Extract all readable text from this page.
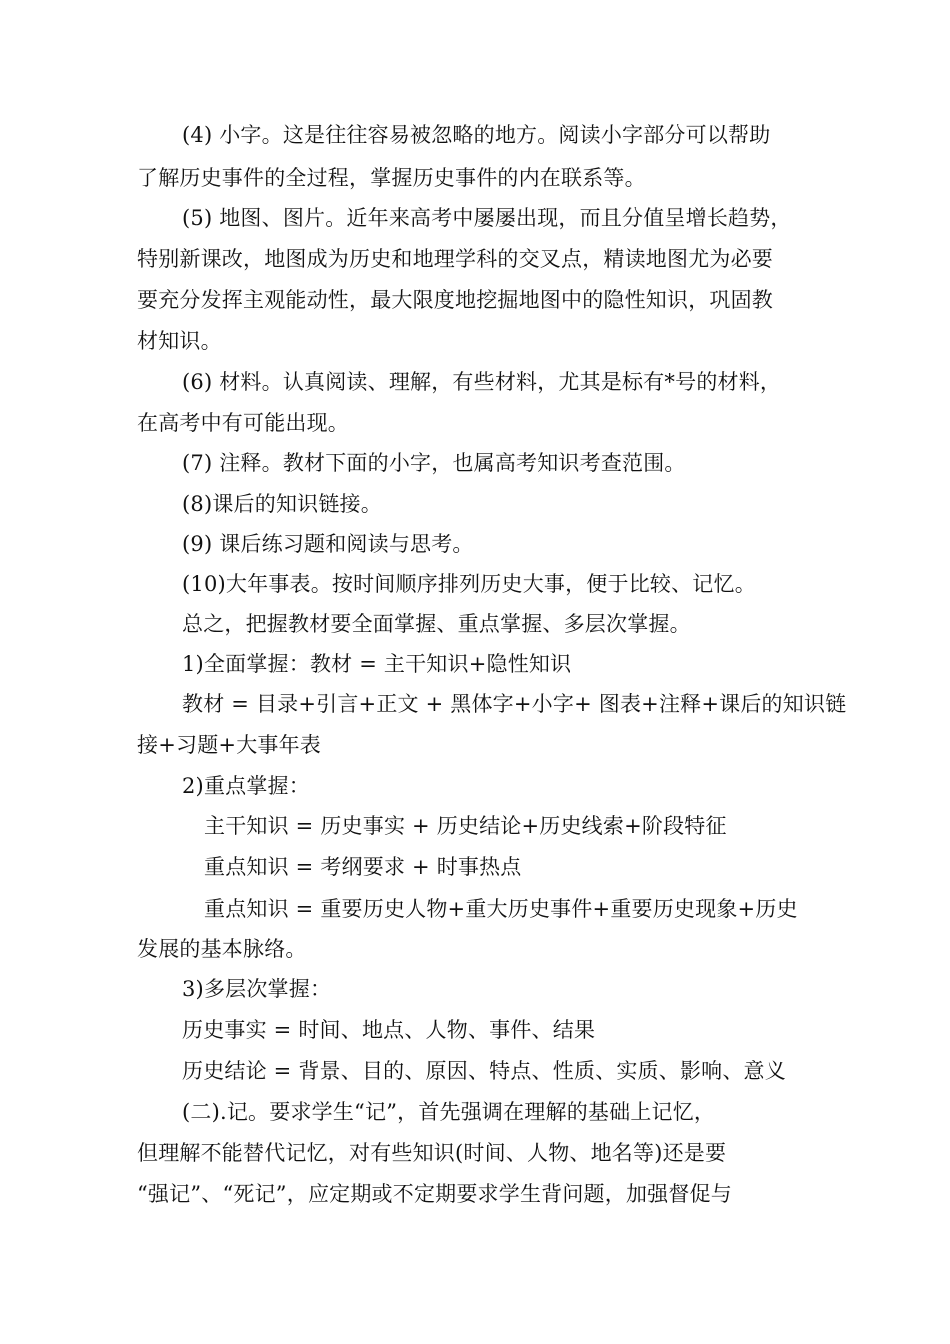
(4) 小字。这是往往容易被忽略的地方。阅读小字部分可以帮助
了解历史事件的全过程，掌握历史事件的内在联系等。
(5) 地图、图片。近年来高考中屡屡出现，而且分值呈增长趋势，
特别新课改，地图成为历史和地理学科的交叉点，精读地图尤为必要
要充分发挥主观能动性，最大限度地挖掘地图中的隐性知识，巩固教
材知识。
(6) 材料。认真阅读、理解，有些材料，尤其是标有*号的材料，
在高考中有可能出现。
(7) 注释。教材下面的小字，也属高考知识考查范围。
(8)课后的知识链接。
(9) 课后练习题和阅读与思考。
(10)大年事表。按时间顺序排列历史大事，便于比较、记忆。
总之，把握教材要全面掌握、重点掌握、多层次掌握。
1)全面掌握：教材 = 主干知识+隐性知识
教材 = 目录+引言+正文 + 黑体字+小字+ 图表+注释+课后的知识链
接+习题+大事年表
2)重点掌握：
主干知识 = 历史事实 + 历史结论+历史线索+阶段特征
重点知识 = 考纲要求 + 时事热点
重点知识 = 重要历史人物+重大历史事件+重要历史现象+历史
发展的基本脉络。
3)多层次掌握：
历史事实 = 时间、地点、人物、事件、结果
历史结论 = 背景、目的、原因、特点、性质、实质、影响、意义
(二).记。要求学生“记”，首先强调在理解的基础上记忆，
但理解不能替代记忆，对有些知识(时间、人物、地名等)还是要
“强记”、“死记”，应定期或不定期要求学生背问题，加强督促与
